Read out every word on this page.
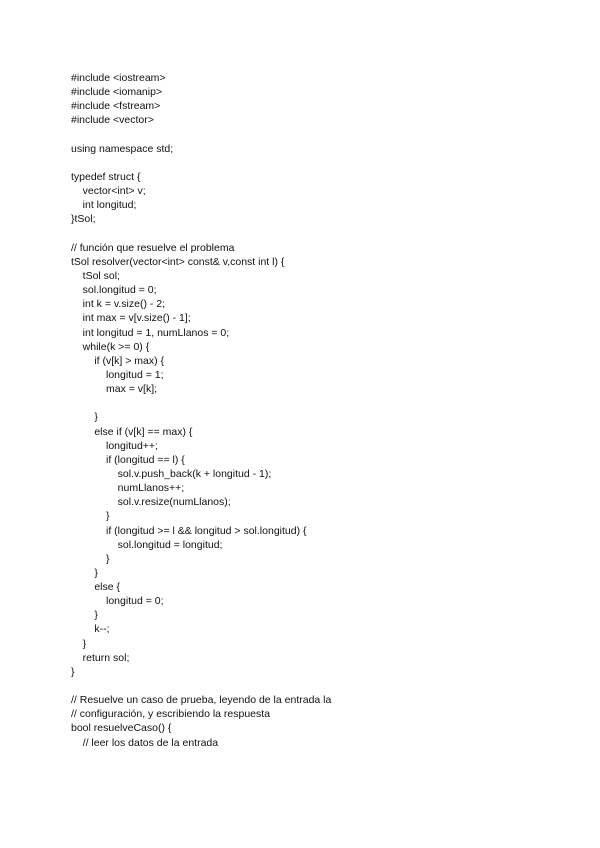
#include <iostream>
#include <iomanip>
#include <fstream>
#include <vector>
using namespace std;
typedef struct {
vector<int> v;
int longitud;
}tSol;
// función que resuelve el problema
tSol resolver(vector<int> const& v,const int l) {
tSol sol;
sol.longitud = 0;
int k = v.size() - 2;
int max = v[v.size() - 1];
int longitud = 1, numLlanos = 0;
while(k >= 0) {
if (v[k] > max) {
longitud = 1;
max = v[k];
}
else if (v[k] == max) {
longitud++;
if (longitud == l) {
sol.v.push_back(k + longitud - 1);
numLlanos++;
sol.v.resize(numLlanos);
}
if (longitud >= l && longitud > sol.longitud) {
sol.longitud = longitud;
}
}
else {
longitud = 0;
}
k--;
}
return sol;
}
// Resuelve un caso de prueba, leyendo de la entrada la
// configuración, y escribiendo la respuesta
bool resuelveCaso() {
// leer los datos de la entrada
